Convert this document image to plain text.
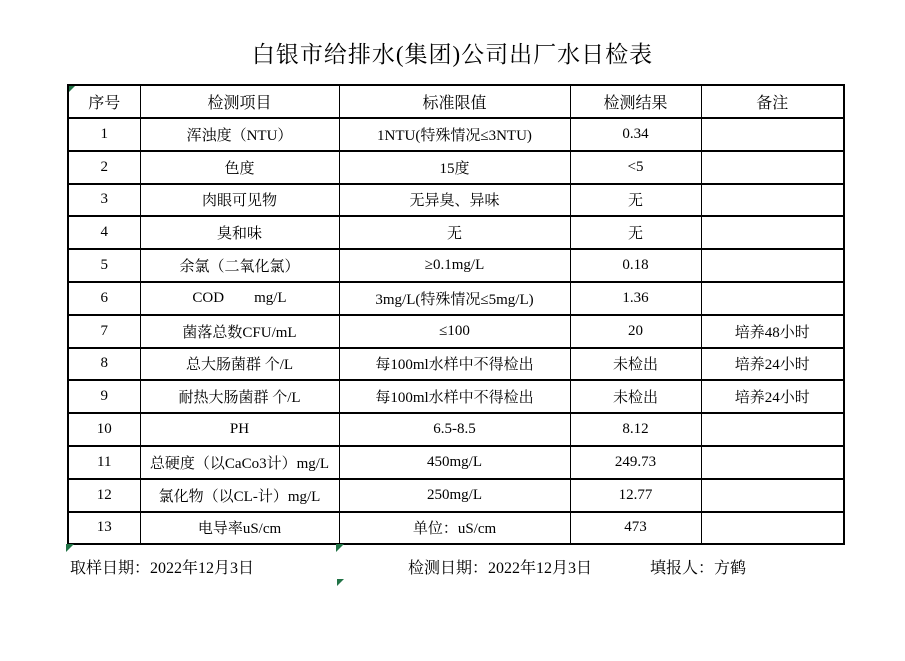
白银市给排水(集团)公司出厂水日检表
序号	检测项目	标准限值	检测结果	备注
1	浑浊度（NTU）	1NTU(特殊情况≤3NTU)	0.34	
2	色度	15度	<5	
3	肉眼可见物	无异臭、异味	无	
4	臭和味	无	无	
5	余氯（二氧化氯）	≥0.1mg/L	0.18	
6	COD        mg/L	3mg/L(特殊情况≤5mg/L)	1.36	
7	菌落总数CFU/mL	≤100	20	培养48小时
8	总大肠菌群 个/L	每100ml水样中不得检出	未检出	培养24小时
9	耐热大肠菌群 个/L	每100ml水样中不得检出	未检出	培养24小时
10	PH	6.5-8.5	8.12	
11	总硬度（以CaCo3计）mg/L	450mg/L	249.73	
12	氯化物（以CL-计）mg/L	250mg/L	12.77	
13	电导率uS/cm	单位：uS/cm	473	
取样日期：2022年12月3日	检测日期：2022年12月3日	填报人：方鹤
